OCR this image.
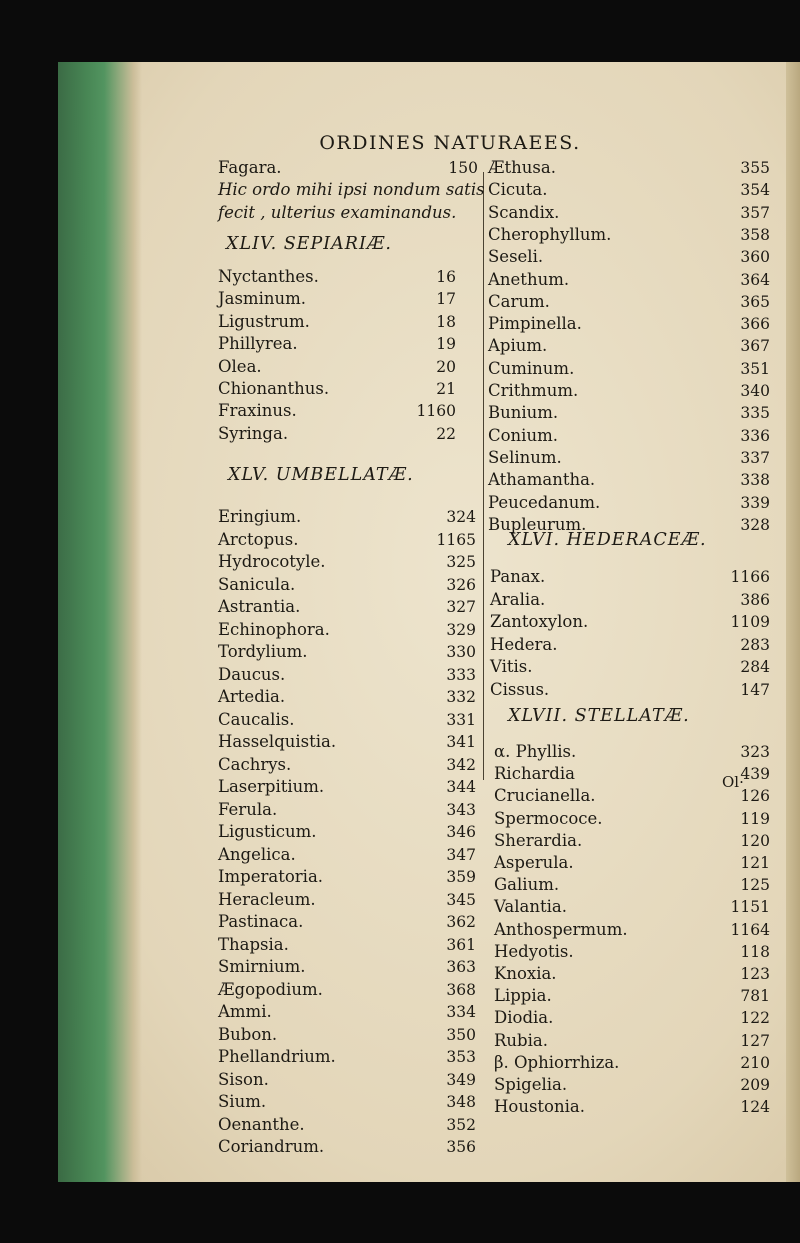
ORDINES NATURAEES.
Fagara.	150
Hic ordo mihi ipsi nondum satis
fecit , ulterius examinandus.
XLIV. SEPIARIÆ.
Nyctanthes.	16
Jasminum.	17
Ligustrum.	18
Phillyrea.	19
Olea.	20
Chionanthus.	21
Fraxinus.	1160
Syringa.	22
XLV. UMBELLATÆ.
Eringium.	324
Arctopus.	1165
Hydrocotyle.	325
Sanicula.	326
Astrantia.	327
Echinophora.	329
Tordylium.	330
Daucus.	333
Artedia.	332
Caucalis.	331
Hasselquistia.	341
Cachrys.	342
Laserpitium.	344
Ferula.	343
Ligusticum.	346
Angelica.	347
Imperatoria.	359
Heracleum.	345
Pastinaca.	362
Thapsia.	361
Smirnium.	363
Ægopodium.	368
Ammi.	334
Bubon.	350
Phellandrium.	353
Sison.	349
Sium.	348
Oenanthe.	352
Coriandrum.	356
Æthusa.	355
Cicuta.	354
Scandix.	357
Cherophyllum.	358
Seseli.	360
Anethum.	364
Carum.	365
Pimpinella.	366
Apium.	367
Cuminum.	351
Crithmum.	340
Bunium.	335
Conium.	336
Selinum.	337
Athamantha.	338
Peucedanum.	339
Bupleurum.	328
XLVI. HEDERACEÆ.
Panax.	1166
Aralia.	386
Zantoxylon.	1109
Hedera.	283
Vitis.	284
Cissus.	147
XLVII. STELLATÆ.
α. Phyllis.	323
Richardia	439
Crucianella.	126
Spermococe.	119
Sherardia.	120
Asperula.	121
Galium.	125
Valantia.	1151
Anthospermum.	1164
Hedyotis.	118
Knoxia.	123
Lippia.	781
Diodia.	122
Rubia.	127
β. Ophiorrhiza.	210
Spigelia.	209
Houstonia.	124
Ol·
